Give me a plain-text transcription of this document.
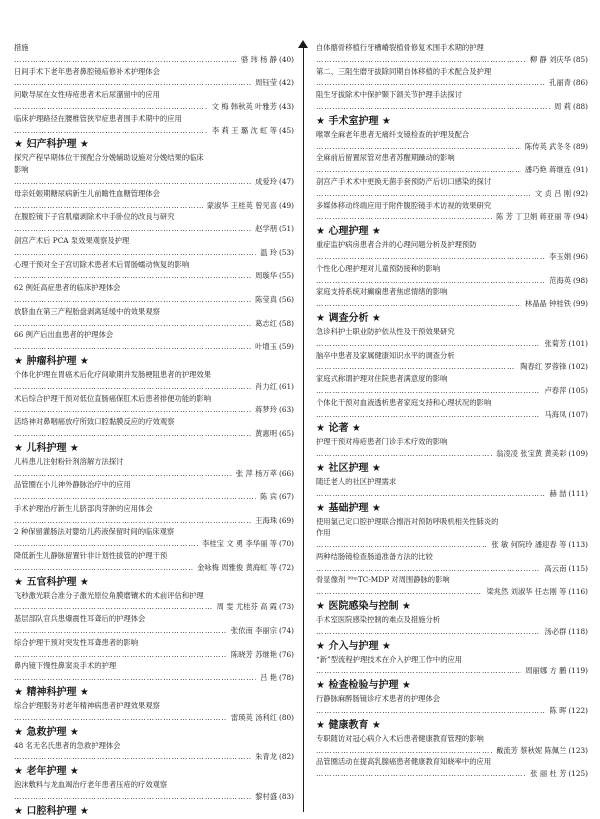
措施
………………………………………………………………………………………………………………………………………………
骆 玮 杨 静 (40)
日间手术下老年患者鼻腔镜疝修补术护理体会
………………………………………………………………………………………………………………………………………………
周钰莹 (42)
问歇导尿在女性痔疮患者术后尿潴留中的应用
………………………………………………………………………………………………………………………………………………
文 梅 韩秋英 叶雅芳 (43)
临床护理路径在腰椎管狭窄症患者围手术期中的应用
………………………………………………………………………………………………………………………………………………
李 莉 王 璐 沈 虹 等 (45)
★ 妇产科护理 ★
探究产程早期体位干预配合分娩辅助设施对分娩结果的临床
影响
………………………………………………………………………………………………………………………………………………
成爱玲 (47)
母亲妊娠期糖尿病新生儿前瞻性血糖管理体会
………………………………………………………………………………………………………………………………………………
蒙淑华 王桂英 曾见喜 (49)
在腹腔镜下子宫肌瘤剥除术中手卧位的改良与研究
………………………………………………………………………………………………………………………………………………
赵学朋 (51)
剖宫产术后 PCA 泵效果观察及护理
………………………………………………………………………………………………………………………………………………
温 玲 (53)
心理干预对全子宫切除术患者术后胃肠蠕动恢复的影响
………………………………………………………………………………………………………………………………………………
周璇华 (55)
62 例妊高症患者的临床护理体会
………………………………………………………………………………………………………………………………………………
陈莹真 (56)
放脐血在第三产程胎盘剥离延缓中的效果观察
………………………………………………………………………………………………………………………………………………
葛志红 (58)
66 例产后出血患者的护理体会
………………………………………………………………………………………………………………………………………………
叶增玉 (59)
★ 肿瘤科护理 ★
个体化护理在胃癌术后化疗间歇期并发肠梗阻患者的护理效果
………………………………………………………………………………………………………………………………………………
肖力红 (61)
术后综合护理干预对低位直肠癌保肛术后患者排便功能的影响
………………………………………………………………………………………………………………………………………………
蒋梦玲 (63)
活络神对鼻咽癌放疗所致口腔黏膜反应的疗效观察
………………………………………………………………………………………………………………………………………………
黄惠明 (65)
★ 儿科护理 ★
儿科患儿注射粉针剂溶解方法探讨
………………………………………………………………………………………………………………………………………………
张 萍 杨万萃 (66)
品管圈在小儿神外静脉治疗中的应用
………………………………………………………………………………………………………………………………………………
陈 宾 (67)
手术护理治疗新生儿脐部肉芽肿的应用体会
………………………………………………………………………………………………………………………………………………
王海珠 (69)
2 种保留灌肠法对婴幼儿药液保留时间的临床观察
………………………………………………………………………………………………………………………………………………
李桂宝 文 勇 李华丽 等 (70)
降低新生儿静脉留置针非计划性拔管的护理干预
………………………………………………………………………………………………………………………………………………
金咏梅 周雅俊 黄海虹 等 (72)
★ 五官科护理 ★
飞秒激光联合准分子激光原位角膜磨镶术的术前评估和护理
………………………………………………………………………………………………………………………………………………
周 雯 尤桂芬 高 霞 (73)
基层部队官兵患爆震性耳聋后的护理体会
………………………………………………………………………………………………………………………………………………
张依南 李丽宗 (74)
综合护理干预对突发性耳聋患者的影响
………………………………………………………………………………………………………………………………………………
陈晓芳 苏继艳 (76)
鼻内镜下慢性鼻窦炎手术的护理
………………………………………………………………………………………………………………………………………………
吕 艳 (78)
★ 精神科护理 ★
综合护理服务对老年精神病患者护理效果观察
………………………………………………………………………………………………………………………………………………
雷瑛英 汤利红 (80)
★ 急救护理 ★
48 名无名氏患者的急救护理体会
………………………………………………………………………………………………………………………………………………
朱青龙 (82)
★ 老年护理 ★
泡沫敷料与龙血竭治疗老年患者压疮的疗效观察
………………………………………………………………………………………………………………………………………………
黎村盛 (83)
★ 口腔科护理 ★
自体髂骨移植行牙槽嵴裂植骨修复术围手术期的护理
………………………………………………………………………………………………………………………………………………
柳 静 刘庆华 (85)
第二、三阻生磨牙拔除同期自体移植的手术配合及护理
………………………………………………………………………………………………………………………………………………
孔丽青 (86)
阻生牙拔除术中保护颞下颌关节护理手法探讨
………………………………………………………………………………………………………………………………………………
周 莉 (88)
★ 手术室护理 ★
喉罩全麻老年患者无痛纤支镜检查的护理及配合
………………………………………………………………………………………………………………………………………………
陈传英 武冬冬 (89)
全麻前后留置尿管对患者苏醒期躁动的影响
………………………………………………………………………………………………………………………………………………
潘巧艳 蒋继连 (91)
剖宫产手术术中更换无菌手套预防产后切口感染的探讨
………………………………………………………………………………………………………………………………………………
文 贞 吕 刚 (92)
多媒体移动终端应用于附件腹腔镜手术访视的效果研究
………………………………………………………………………………………………………………………………………………
陈 芳 丁卫娟 蒋亚丽 等 (94)
★ 心理护理 ★
重症监护病房患者合并的心理问题分析及护理预防
………………………………………………………………………………………………………………………………………………
李玉娟 (96)
个性化心理护理对儿童预防接种的影响
………………………………………………………………………………………………………………………………………………
范海英 (98)
家庭支持系统对癫痫患者焦虑情绪的影响
………………………………………………………………………………………………………………………………………………
林晶晶 钟桂铁 (99)
★ 调查分析 ★
急诊科护士职业防护依从性及干预效果研究
………………………………………………………………………………………………………………………………………………
张菊芳 (101)
脑卒中患者及家属健康知识水平的调查分析
………………………………………………………………………………………………………………………………………………
陶春红 罗蓉锋 (102)
家庭式称谓护理对住院患者满意度的影响
………………………………………………………………………………………………………………………………………………
卢春萍 (105)
个体化干预对血液透析患者家庭支持和心理状况的影响
………………………………………………………………………………………………………………………………………………
马海凤 (107)
★ 论著 ★
护理干预对痔疮患者门诊手术疗效的影响
………………………………………………………………………………………………………………………………………………
翁凌凌 张宝黄 黄美彩 (109)
★ 社区护理 ★
随迁老人的社区护理需求
………………………………………………………………………………………………………………………………………………
赫 喆 (111)
★ 基础护理 ★
使用氯己定口腔护理联合擦浴对预防呼吸机相关性肺炎的
作用
………………………………………………………………………………………………………………………………………………
张 敏 何院玲 潘迎春 等 (113)
两种结肠镜检查肠道准备方法的比较
………………………………………………………………………………………………………………………………………………
高云南 (115)
骨显像剂 ⁹⁹ᵐTC-MDP 对周围静脉的影响
………………………………………………………………………………………………………………………………………………
梁兆然 刘淑华 任志刚 等 (116)
★ 医院感染与控制 ★
手术室医院感染控制的难点及措施分析
………………………………………………………………………………………………………………………………………………
汤必群 (118)
★ 介入与护理 ★
“新”型流程护理技术在介入护理工作中的应用
………………………………………………………………………………………………………………………………………………
周丽娜 方 鹏 (119)
★ 检查检验与护理 ★
行静脉麻醉肠镜诊疗术患者的护理体会
………………………………………………………………………………………………………………………………………………
陈 晖 (122)
★ 健康教育 ★
专职随访对冠心病介入术后患者健康教育管理的影响
………………………………………………………………………………………………………………………………………………
戴流芳 蔡秋妮 陈佩兰 (123)
品管圈活动在提高乳腺癌患者健康教育知晓率中的应用
………………………………………………………………………………………………………………………………………………
张 丽 杜 芳 (125)
